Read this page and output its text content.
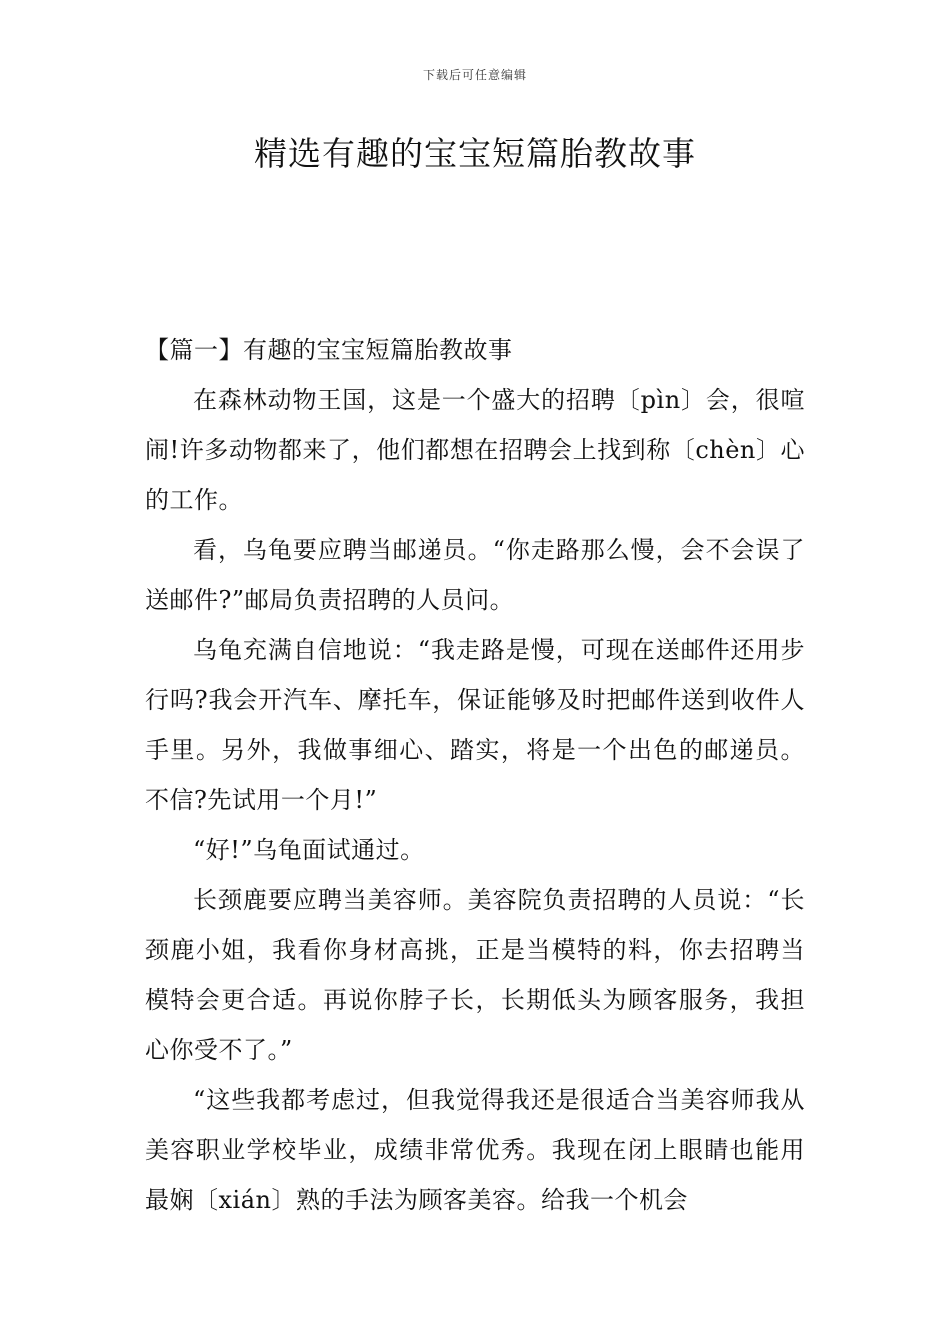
下载后可任意编辑
精选有趣的宝宝短篇胎教故事
【篇一】有趣的宝宝短篇胎教故事

在森林动物王国，这是一个盛大的招聘〔pìn〕会，很喧闹!许多动物都来了，他们都想在招聘会上找到称〔chèn〕心的工作。

看，乌龟要应聘当邮递员。“你走路那么慢，会不会误了送邮件?”邮局负责招聘的人员问。

乌龟充满自信地说：“我走路是慢，可现在送邮件还用步行吗?我会开汽车、摩托车，保证能够及时把邮件送到收件人手里。另外，我做事细心、踏实，将是一个出色的邮递员。不信?先试用一个月!”

“好!”乌龟面试通过。

长颈鹿要应聘当美容师。美容院负责招聘的人员说：“长颈鹿小姐，我看你身材高挑，正是当模特的料，你去招聘当模特会更合适。再说你脖子长，长期低头为顾客服务，我担心你受不了。”

“这些我都考虑过，但我觉得我还是很适合当美容师我从美容职业学校毕业，成绩非常优秀。我现在闭上眼睛也能用最娴〔xián〕熟的手法为顾客美容。给我一个机会
